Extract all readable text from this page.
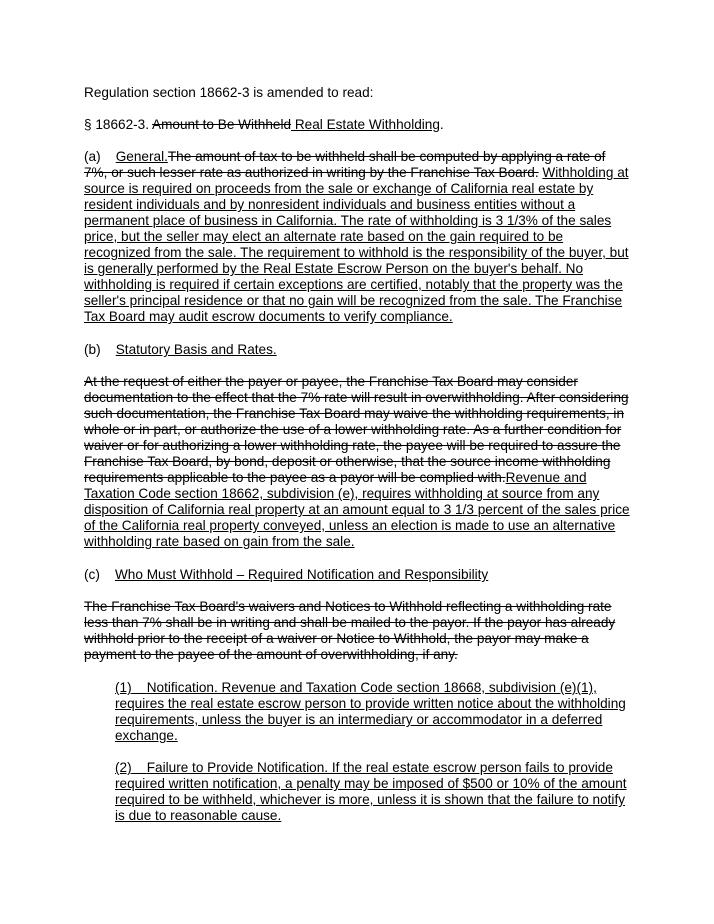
Regulation section 18662-3 is amended to read:

§ 18662-3. Amount to Be Withheld Real Estate Withholding.

(a) General.The amount of tax to be withheld shall be computed by applying a rate of 7%, or such lesser rate as authorized in writing by the Franchise Tax Board. Withholding at source is required on proceeds from the sale or exchange of California real estate by resident individuals and by nonresident individuals and business entities without a permanent place of business in California. The rate of withholding is 3 1/3% of the sales price, but the seller may elect an alternate rate based on the gain required to be recognized from the sale. The requirement to withhold is the responsibility of the buyer, but is generally performed by the Real Estate Escrow Person on the buyer's behalf. No withholding is required if certain exceptions are certified, notably that the property was the seller's principal residence or that no gain will be recognized from the sale. The Franchise Tax Board may audit escrow documents to verify compliance.

(b) Statutory Basis and Rates.

At the request of either the payer or payee, the Franchise Tax Board may consider documentation to the effect that the 7% rate will result in overwithholding. After considering such documentation, the Franchise Tax Board may waive the withholding requirements, in whole or in part, or authorize the use of a lower withholding rate. As a further condition for waiver or for authorizing a lower withholding rate, the payee will be required to assure the Franchise Tax Board, by bond, deposit or otherwise, that the source income withholding requirements applicable to the payee as a payor will be complied with.Revenue and Taxation Code section 18662, subdivision (e), requires withholding at source from any disposition of California real property at an amount equal to 3 1/3 percent of the sales price of the California real property conveyed, unless an election is made to use an alternative withholding rate based on gain from the sale.

(c) Who Must Withhold – Required Notification and Responsibility

The Franchise Tax Board's waivers and Notices to Withhold reflecting a withholding rate less than 7% shall be in writing and shall be mailed to the payor. If the payor has already withhold prior to the receipt of a waiver or Notice to Withhold, the payor may make a payment to the payee of the amount of overwithholding, if any.

(1) Notification. Revenue and Taxation Code section 18668, subdivision (e)(1), requires the real estate escrow person to provide written notice about the withholding requirements, unless the buyer is an intermediary or accommodator in a deferred exchange.

(2) Failure to Provide Notification. If the real estate escrow person fails to provide required written notification, a penalty may be imposed of $500 or 10% of the amount required to be withheld, whichever is more, unless it is shown that the failure to notify is due to reasonable cause.
